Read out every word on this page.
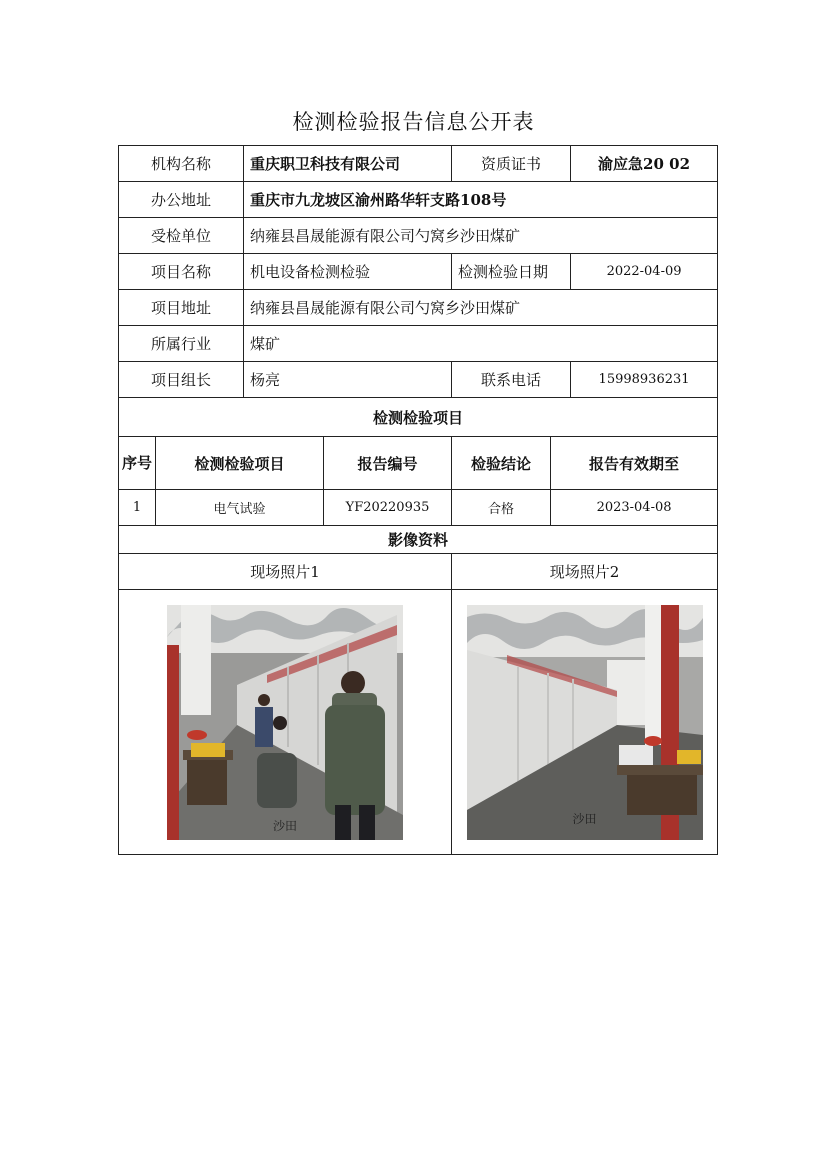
检测检验报告信息公开表
机构名称		重庆职卫科技有限公司		资质证书		渝应急20 02
办公地址		重庆市九龙坡区渝州路华轩支路108号				
受检单位		纳雍县昌晟能源有限公司勺窝乡沙田煤矿				
项目名称		机电设备检测检验		检测检验日期		2022-04-09
项目地址		纳雍县昌晟能源有限公司勺窝乡沙田煤矿				
所属行业		煤矿				
项目组长		杨亮		联系电话		15998936231
检测检验项目						
序号	检测检验项目		报告编号	检验结论	报告有效期至	
1	电气试验		YF20220935	合格	2023-04-08	
影像资料						
现场照片1				现场照片2		

沙田				沙田		
